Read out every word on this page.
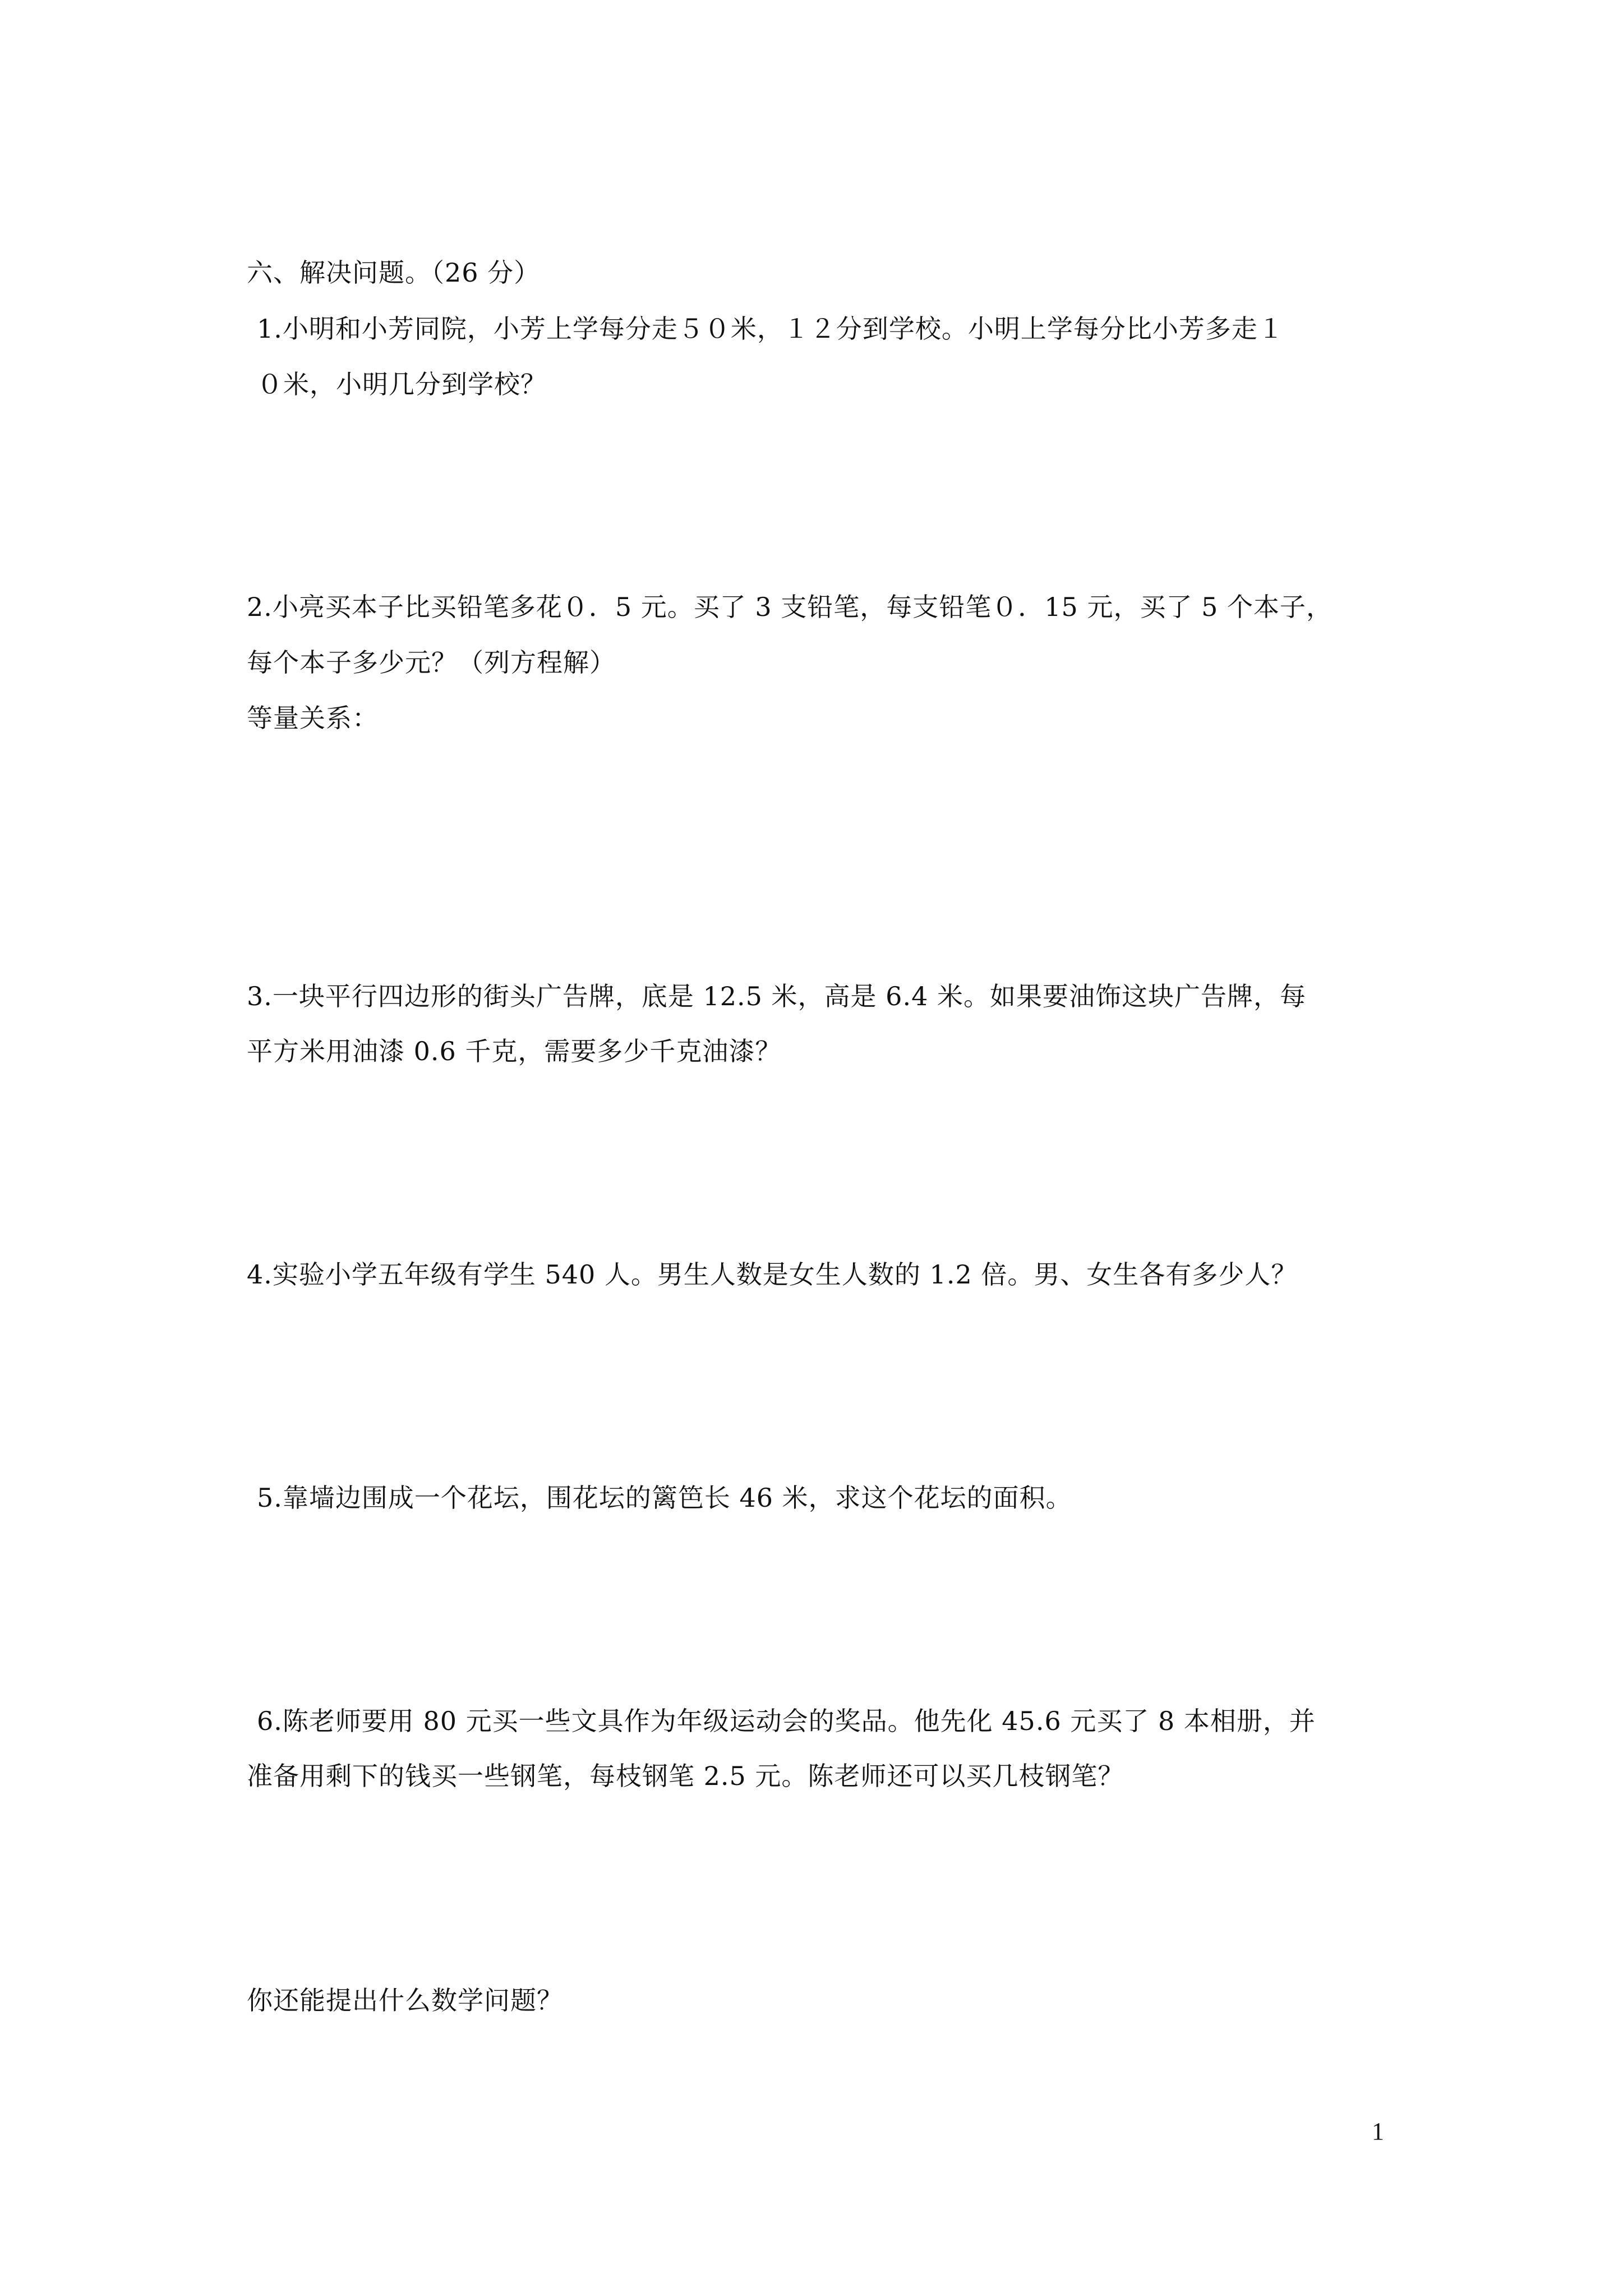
六、解决问题。（26 分）
1.小明和小芳同院，小芳上学每分走５０米，１２分到学校。小明上学每分比小芳多走１
０米，小明几分到学校？
2.小亮买本子比买铅笔多花０．5 元。买了 3 支铅笔，每支铅笔０．15 元，买了 5 个本子，
每个本子多少元？（列方程解）
等量关系：
3.一块平行四边形的街头广告牌，底是 12.5 米，高是 6.4 米。如果要油饰这块广告牌，每
平方米用油漆 0.6 千克，需要多少千克油漆？
4.实验小学五年级有学生 540 人。男生人数是女生人数的 1.2 倍。男、女生各有多少人？
5.靠墙边围成一个花坛，围花坛的篱笆长 46 米，求这个花坛的面积。
6.陈老师要用 80 元买一些文具作为年级运动会的奖品。他先化 45.6 元买了 8 本相册，并
准备用剩下的钱买一些钢笔，每枝钢笔 2.5 元。陈老师还可以买几枝钢笔？
你还能提出什么数学问题？
1
